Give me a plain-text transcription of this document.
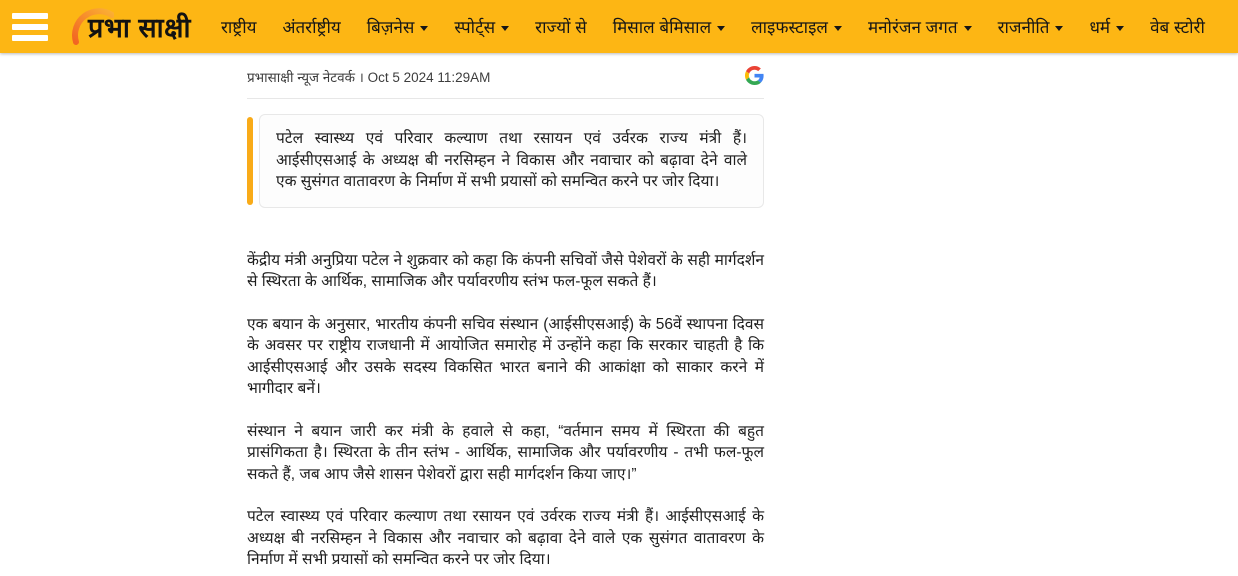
प्रभा साक्षी राष्ट्रीय अंतर्राष्ट्रीय बिज़नेस स्पोर्ट्स राज्यों से मिसाल बेमिसाल लाइफस्टाइल मनोरंजन जगत राजनीति धर्म वेब स्टोरी
प्रभासाक्षी न्यूज नेटवर्क । Oct 5 2024 11:29AM
पटेल स्वास्थ्य एवं परिवार कल्याण तथा रसायन एवं उर्वरक राज्य मंत्री हैं। आईसीएसआई के अध्यक्ष बी नरसिम्हन ने विकास और नवाचार को बढ़ावा देने वाले एक सुसंगत वातावरण के निर्माण में सभी प्रयासों को समन्वित करने पर जोर दिया।

केंद्रीय मंत्री अनुप्रिया पटेल ने शुक्रवार को कहा कि कंपनी सचिवों जैसे पेशेवरों के सही मार्गदर्शन से स्थिरता के आर्थिक, सामाजिक और पर्यावरणीय स्तंभ फल-फूल सकते हैं।

एक बयान के अनुसार, भारतीय कंपनी सचिव संस्थान (आईसीएसआई) के 56वें स्थापना दिवस के अवसर पर राष्ट्रीय राजधानी में आयोजित समारोह में उन्होंने कहा कि सरकार चाहती है कि आईसीएसआई और उसके सदस्य विकसित भारत बनाने की आकांक्षा को साकार करने में भागीदार बनें।

संस्थान ने बयान जारी कर मंत्री के हवाले से कहा, “वर्तमान समय में स्थिरता की बहुत प्रासंगिकता है। स्थिरता के तीन स्तंभ - आर्थिक, सामाजिक और पर्यावरणीय - तभी फल-फूल सकते हैं, जब आप जैसे शासन पेशेवरों द्वारा सही मार्गदर्शन किया जाए।”

पटेल स्वास्थ्य एवं परिवार कल्याण तथा रसायन एवं उर्वरक राज्य मंत्री हैं। आईसीएसआई के अध्यक्ष बी नरसिम्हन ने विकास और नवाचार को बढ़ावा देने वाले एक सुसंगत वातावरण के निर्माण में सभी प्रयासों को समन्वित करने पर जोर दिया।
